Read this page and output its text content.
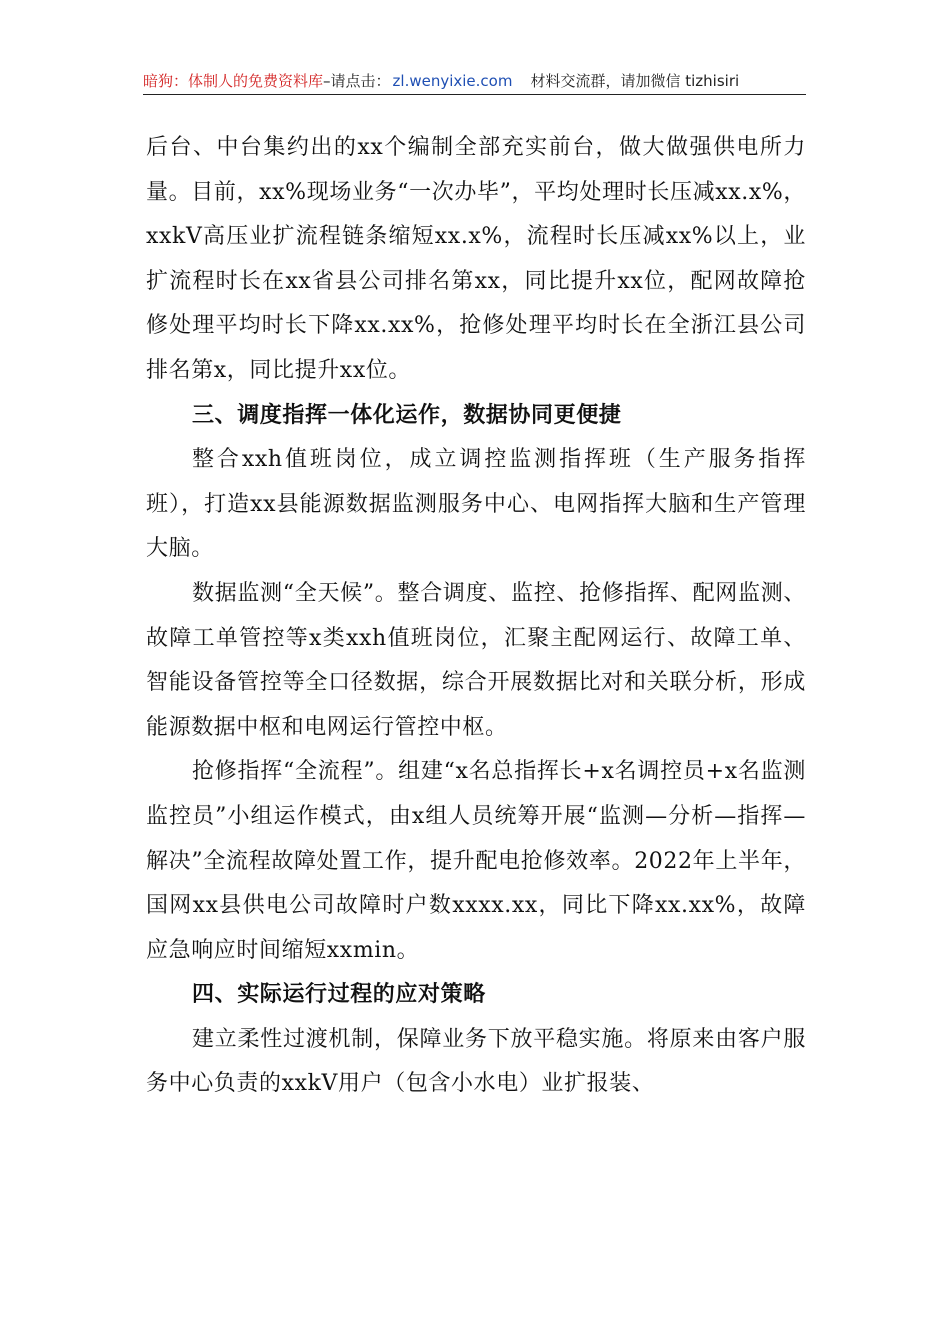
暗狗：体制人的免费资料库 –请点击： zl.wenyixie.com 材料交流群，请加微信 tizhisiri

后台、中台集约出的xx个编制全部充实前台，做大做强供电所力量。目前，xx%现场业务“一次办毕”，平均处理时长压减xx.x%，xxkV高压业扩流程链条缩短xx.x%，流程时长压减xx%以上，业扩流程时长在xx省县公司排名第xx，同比提升xx位，配网故障抢修处理平均时长下降xx.xx%，抢修处理平均时长在全浙江县公司排名第x，同比提升xx位。

三、调度指挥一体化运作，数据协同更便捷

整合xxh值班岗位，成立调控监测指挥班（生产服务指挥班），打造xx县能源数据监测服务中心、电网指挥大脑和生产管理大脑。

数据监测“全天候”。整合调度、监控、抢修指挥、配网监测、故障工单管控等x类xxh值班岗位，汇聚主配网运行、故障工单、智能设备管控等全口径数据，综合开展数据比对和关联分析，形成能源数据中枢和电网运行管控中枢。

抢修指挥“全流程”。组建“x名总指挥长+x名调控员+x名监测监控员”小组运作模式，由x组人员统筹开展“监测—分析—指挥—解决”全流程故障处置工作，提升配电抢修效率。2022年上半年，国网xx县供电公司故障时户数xxxx.xx，同比下降xx.xx%，故障应急响应时间缩短xxmin。

四、实际运行过程的应对策略

建立柔性过渡机制，保障业务下放平稳实施。将原来由客户服务中心负责的xxkV用户（包含小水电）业扩报装、
